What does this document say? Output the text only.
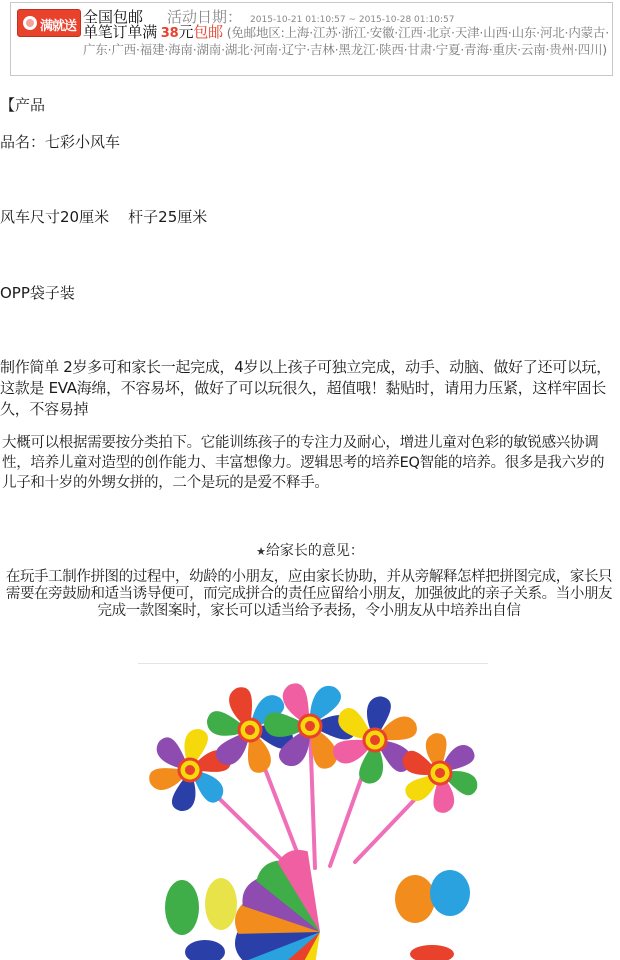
满就送
全国包邮 活动日期： 2015-10-21 01:10:57 ~ 2015-10-28 01:10:57
单笔订单满 38元包邮 (免邮地区:上海·江苏·浙江·安徽·江西·北京·天津·山西·山东·河北·内蒙古·广东·广西·福建·海南·湖南·湖北·河南·辽宁·吉林·黑龙江·陕西·甘肃·宁夏·青海·重庆·云南·贵州·四川)
【产品
品名：七彩小风车
风车尺寸20厘米    杆子25厘米
OPP袋子装
制作简单 2岁多可和家长一起完成，4岁以上孩子可独立完成，动手、动脑、做好了还可以玩，这款是 EVA海绵，不容易坏，做好了可以玩很久，超值哦！黏贴时，请用力压紧，这样牢固长久，不容易掉
大概可以根据需要按分类拍下。它能训练孩子的专注力及耐心，增进儿童对色彩的敏锐感兴协调性，培养儿童对造型的创作能力、丰富想像力。逻辑思考的培养EQ智能的培养。很多是我六岁的儿子和十岁的外甥女拼的，二个是玩的是爱不释手。
★给家长的意见：
在玩手工制作拼图的过程中，幼龄的小朋友，应由家长协助，并从旁解释怎样把拼图完成，家长只需要在旁鼓励和适当诱导便可，而完成拼合的责任应留给小朋友，加强彼此的亲子关系。当小朋友完成一款图案时，家长可以适当给予表扬，令小朋友从中培养出自信
